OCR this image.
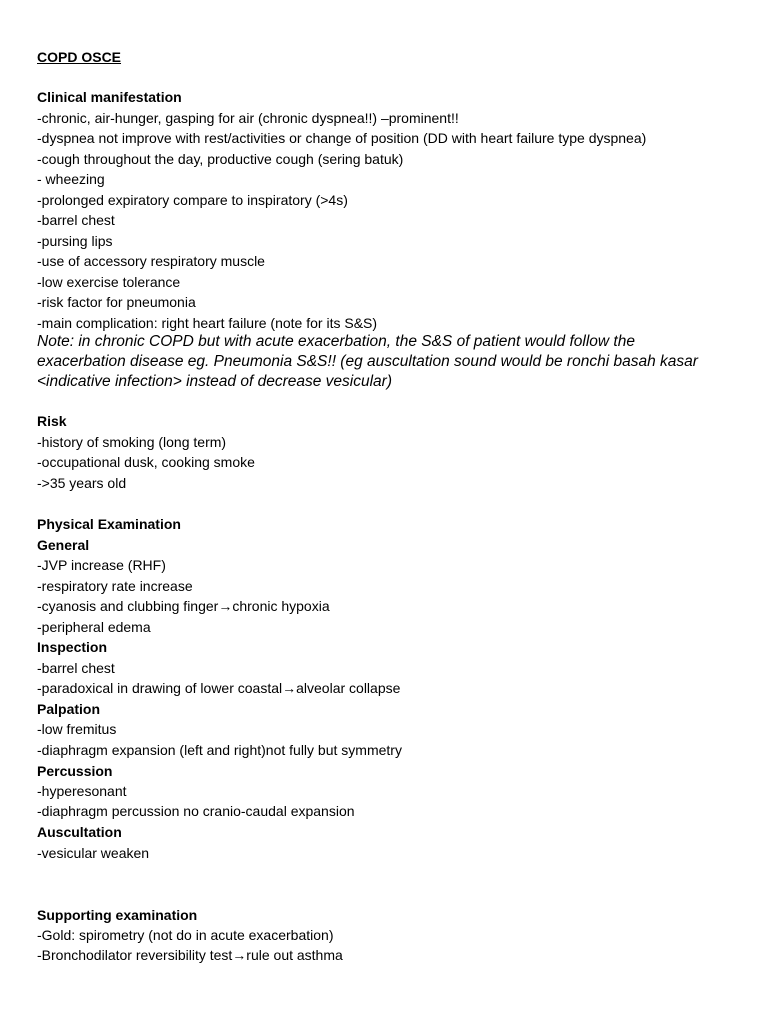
COPD OSCE
Clinical manifestation
-chronic, air-hunger, gasping for air (chronic dyspnea!!) –prominent!!
-dyspnea not improve with rest/activities or change of position (DD with heart failure type dyspnea)
-cough throughout the day, productive cough (sering batuk)
- wheezing
-prolonged expiratory compare to inspiratory (>4s)
-barrel chest
-pursing lips
-use of accessory respiratory muscle
-low exercise tolerance
-risk factor for pneumonia
-main complication: right heart failure (note for its S&S)
Note: in chronic COPD but with acute exacerbation, the S&S of patient would follow the
exacerbation disease eg. Pneumonia S&S!! (eg auscultation sound would be ronchi basah kasar
<indicative infection> instead of decrease vesicular)
Risk
-history of smoking (long term)
-occupational dusk, cooking smoke
->35 years old
Physical Examination
General
-JVP increase (RHF)
-respiratory rate increase
-cyanosis and clubbing finger→chronic hypoxia
-peripheral edema
Inspection
-barrel chest
-paradoxical in drawing of lower coastal→alveolar collapse
Palpation
-low fremitus
-diaphragm expansion (left and right)not fully but symmetry
Percussion
-hyperesonant
-diaphragm percussion no cranio-caudal expansion
Auscultation
-vesicular weaken
Supporting examination
-Gold: spirometry (not do in acute exacerbation)
-Bronchodilator reversibility test→rule out asthma
